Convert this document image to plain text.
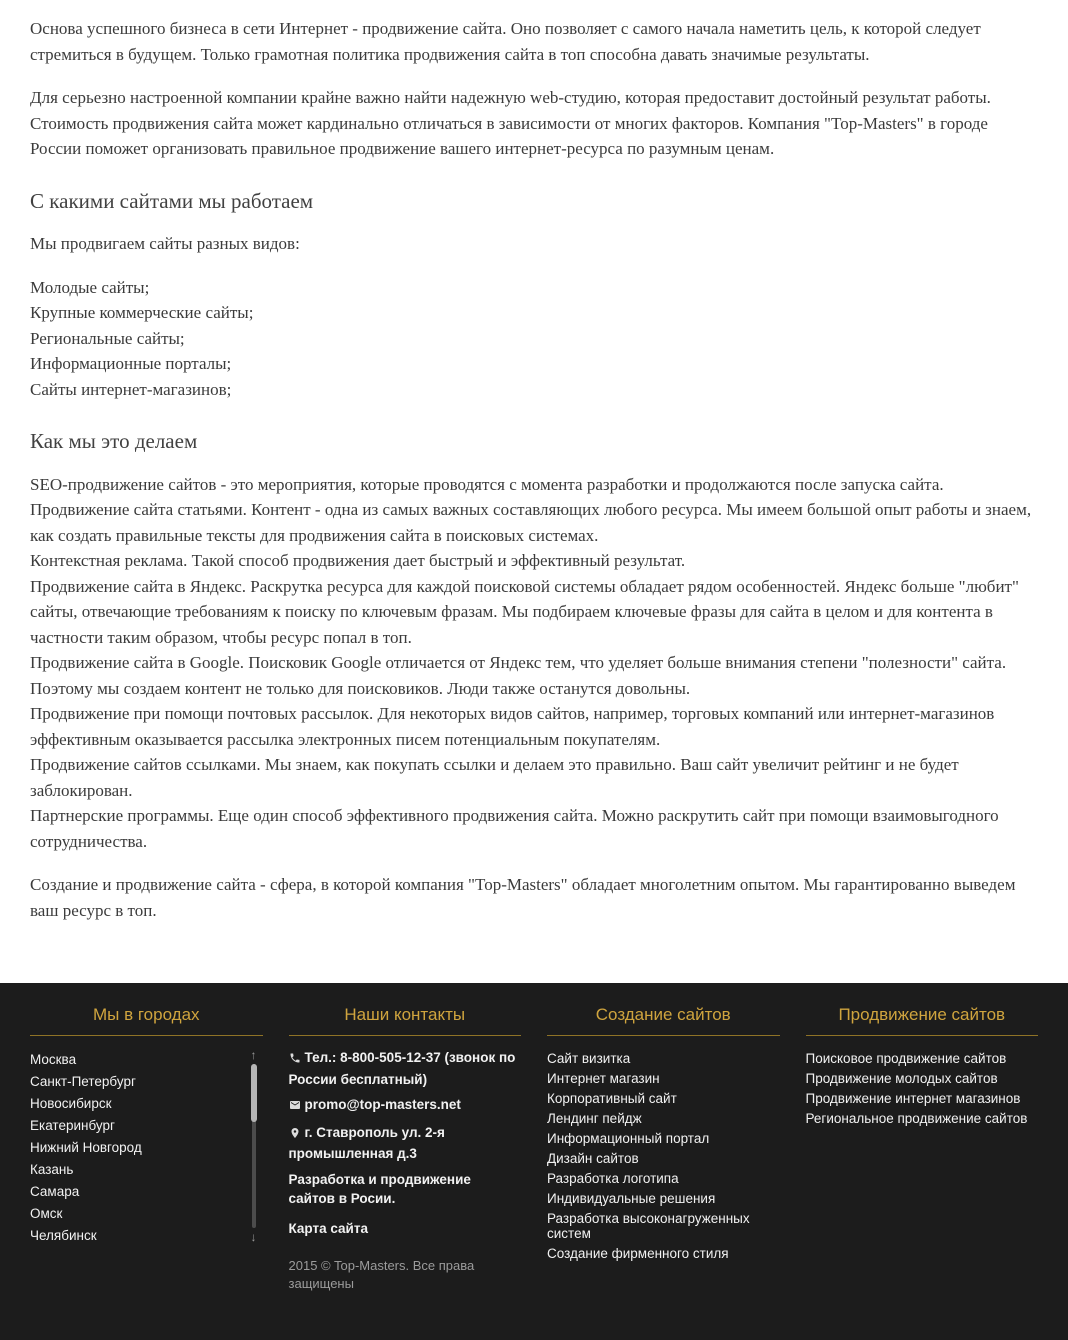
Основа успешного бизнеса в сети Интернет - продвижение сайта. Оно позволяет с самого начала наметить цель, к которой следует стремиться в будущем. Только грамотная политика продвижения сайта в топ способна давать значимые результаты.

Для серьезно настроенной компании крайне важно найти надежную web-студию, которая предоставит достойный результат работы. Стоимость продвижения сайта может кардинально отличаться в зависимости от многих факторов. Компания "Top-Masters" в городе России поможет организовать правильное продвижение вашего интернет-ресурса по разумным ценам.

С какими сайтами мы работаем

Мы продвигаем сайты разных видов:

Молодые сайты;

Крупные коммерческие сайты;

Региональные сайты;

Информационные порталы;

Сайты интернет-магазинов;

Как мы это делаем

SEO-продвижение сайтов - это мероприятия, которые проводятся с момента разработки и продолжаются после запуска сайта.

Продвижение сайта статьями. Контент - одна из самых важных составляющих любого ресурса. Мы имеем большой опыт работы и знаем, как создать правильные тексты для продвижения сайта в поисковых системах.

Контекстная реклама. Такой способ продвижения дает быстрый и эффективный результат.

Продвижение сайта в Яндекс. Раскрутка ресурса для каждой поисковой системы обладает рядом особенностей. Яндекс больше "любит" сайты, отвечающие требованиям к поиску по ключевым фразам. Мы подбираем ключевые фразы для сайта в целом и для контента в частности таким образом, чтобы ресурс попал в топ.

Продвижение сайта в Google. Поисковик Google отличается от Яндекс тем, что уделяет больше внимания степени "полезности" сайта. Поэтому мы создаем контент не только для поисковиков. Люди также останутся довольны.

Продвижение при помощи почтовых рассылок. Для некоторых видов сайтов, например, торговых компаний или интернет-магазинов эффективным оказывается рассылка электронных писем потенциальным покупателям.

Продвижение сайтов ссылками. Мы знаем, как покупать ссылки и делаем это правильно. Ваш сайт увеличит рейтинг и не будет заблокирован.

Партнерские программы. Еще один способ эффективного продвижения сайта. Можно раскрутить сайт при помощи взаимовыгодного сотрудничества.

Создание и продвижение сайта - сфера, в которой компания "Top-Masters" обладает многолетним опытом. Мы гарантированно выведем ваш ресурс в топ.

Мы в городах
Москва
Санкт-Петербург
Новосибирск
Екатеринбург
Нижний Новгород
Казань
Самара
Омск
Челябинск
↑
↓
Наши контакты

Тел.: 8-800-505-12-37 (звонок по России бесплатный)

promo@top-masters.net

г. Ставрополь ул. 2-я промышленная д.3

Разработка и продвижение сайтов в Росии.
Карта сайта

2015 © Top-Masters. Все права защищены

Создание сайтов
Сайт визитка
Интернет магазин
Корпоративный сайт
Лендинг пейдж
Информационный портал
Дизайн сайтов
Разработка логотипа
Индивидуальные решения
Разработка высоконагруженных систем
Создание фирменного стиля
Продвижение сайтов
Поисковое продвижение сайтов
Продвижение молодых сайтов
Продвижение интернет магазинов
Региональное продвижение сайтов
